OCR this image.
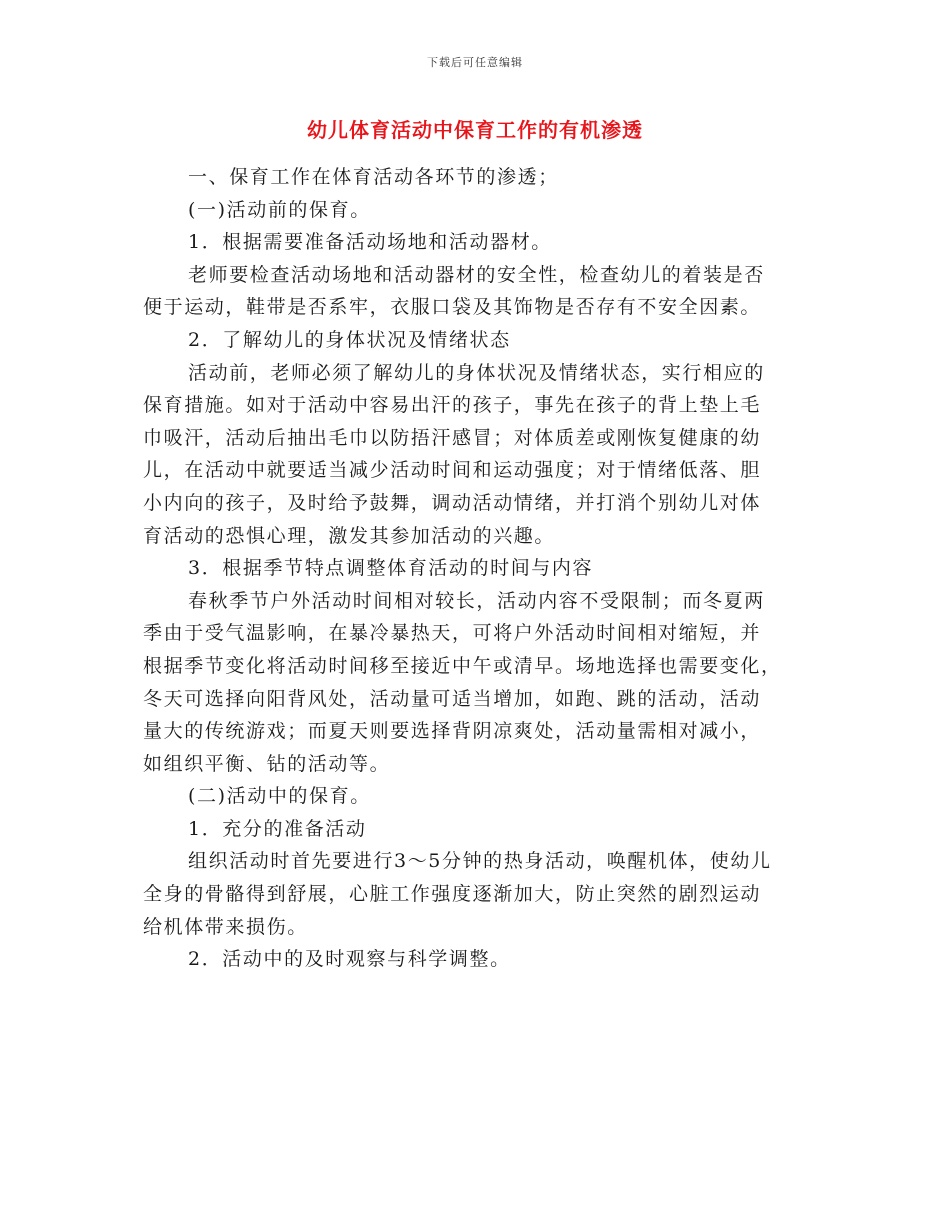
下载后可任意编辑
幼儿体育活动中保育工作的有机渗透
一、保育工作在体育活动各环节的渗透；
(一)活动前的保育。
1．根据需要准备活动场地和活动器材。
老师要检查活动场地和活动器材的安全性，检查幼儿的着装是否
便于运动，鞋带是否系牢，衣服口袋及其饰物是否存有不安全因素。
2．了解幼儿的身体状况及情绪状态
活动前，老师必须了解幼儿的身体状况及情绪状态，实行相应的
保育措施。如对于活动中容易出汗的孩子，事先在孩子的背上垫上毛
巾吸汗，活动后抽出毛巾以防捂汗感冒；对体质差或刚恢复健康的幼
儿，在活动中就要适当减少活动时间和运动强度；对于情绪低落、胆
小内向的孩子，及时给予鼓舞，调动活动情绪，并打消个别幼儿对体
育活动的恐惧心理，激发其参加活动的兴趣。
3．根据季节特点调整体育活动的时间与内容
春秋季节户外活动时间相对较长，活动内容不受限制；而冬夏两
季由于受气温影响，在暴冷暴热天，可将户外活动时间相对缩短，并
根据季节变化将活动时间移至接近中午或清早。场地选择也需要变化，
冬天可选择向阳背风处，活动量可适当增加，如跑、跳的活动，活动
量大的传统游戏；而夏天则要选择背阴凉爽处，活动量需相对减小，
如组织平衡、钻的活动等。
(二)活动中的保育。
1．充分的准备活动
组织活动时首先要进行3～5分钟的热身活动，唤醒机体，使幼儿
全身的骨骼得到舒展，心脏工作强度逐渐加大，防止突然的剧烈运动
给机体带来损伤。
2．活动中的及时观察与科学调整。
